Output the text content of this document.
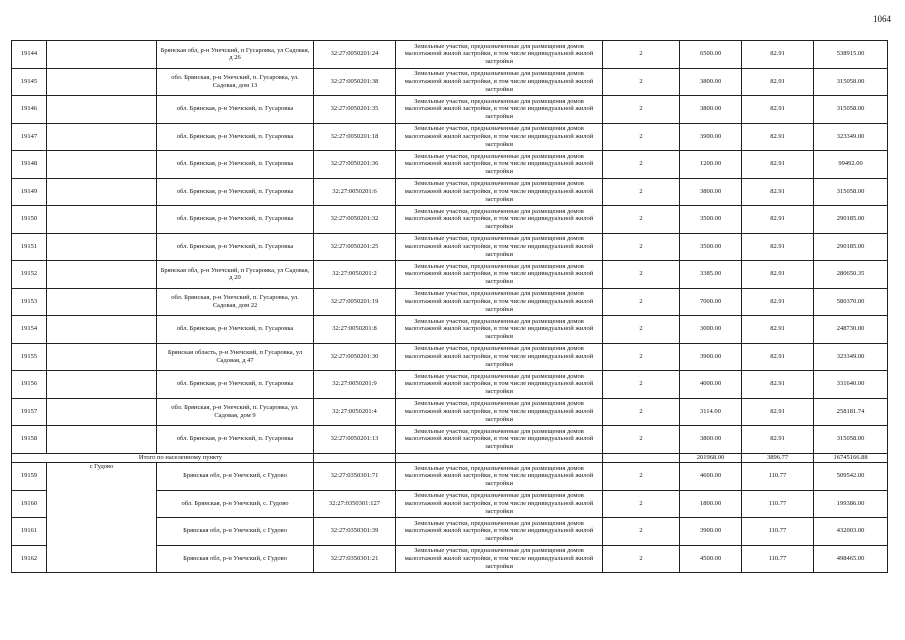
1064
19144		Брянская обл, р-н Унечский, п Гусаровка, ул Садовая, д 26	32:27:0050201:24	Земельные участки, предназначенные для размещения домов малоэтажной жилой застройки, в том числе индивидуальной жилой застройки	2	6500.00	82.91	538915.00
19145		обл. Брянская, р-н Унечский, п. Гусаровка, ул. Садовая, дом 13	32:27:0050201:38	Земельные участки, предназначенные для размещения домов малоэтажной жилой застройки, в том числе индивидуальной жилой застройки	2	3800.00	82.91	315058.00
19146		обл. Брянская, р-н Унечский, п. Гусаровка	32:27:0050201:35	Земельные участки, предназначенные для размещения домов малоэтажной жилой застройки, в том числе индивидуальной жилой застройки	2	3800.00	82.91	315058.00
19147		обл. Брянская, р-н Унечский, п. Гусаровка	32:27:0050201:18	Земельные участки, предназначенные для размещения домов малоэтажной жилой застройки, в том числе индивидуальной жилой застройки	2	3900.00	82.91	323349.00
19148		обл. Брянская, р-н Унечский, п. Гусаровка	32:27:0050201:36	Земельные участки, предназначенные для размещения домов малоэтажной жилой застройки, в том числе индивидуальной жилой застройки	2	1200.00	82.91	99492.00
19149		обл. Брянская, р-н Унечский, п. Гусаровка	32:27:0050201:6	Земельные участки, предназначенные для размещения домов малоэтажной жилой застройки, в том числе индивидуальной жилой застройки	2	3800.00	82.91	315058.00
19150		обл. Брянская, р-н Унечский, п. Гусаровка	32:27:0050201:32	Земельные участки, предназначенные для размещения домов малоэтажной жилой застройки, в том числе индивидуальной жилой застройки	2	3500.00	82.91	290185.00
19151		обл. Брянская, р-н Унечский, п. Гусаровка	32:27:0050201:25	Земельные участки, предназначенные для размещения домов малоэтажной жилой застройки, в том числе индивидуальной жилой застройки	2	3500.00	82.91	290185.00
19152		Брянская обл, р-н Унечский, п Гусаровка, ул Садовая, д 20	32:27:0050201:2	Земельные участки, предназначенные для размещения домов малоэтажной жилой застройки, в том числе индивидуальной жилой застройки	2	3385.00	82.91	280650.35
19153		обл. Брянская, р-н Унечский, п. Гусаровка, ул. Садовая, дом 22	32:27:0050201:19	Земельные участки, предназначенные для размещения домов малоэтажной жилой застройки, в том числе индивидуальной жилой застройки	2	7000.00	82.91	580370.00
19154		обл. Брянская, р-н Унечский, п. Гусаровка	32:27:0050201:8	Земельные участки, предназначенные для размещения домов малоэтажной жилой застройки, в том числе индивидуальной жилой застройки	2	3000.00	82.91	248730.00
19155		Брянская область, р-н Унечский, п Гусаровка, ул Садовая, д 47	32:27:0050201:30	Земельные участки, предназначенные для размещения домов малоэтажной жилой застройки, в том числе индивидуальной жилой застройки	2	3900.00	82.91	323349.00
19156		обл. Брянская, р-н Унечский, п. Гусаровка	32:27:0050201:9	Земельные участки, предназначенные для размещения домов малоэтажной жилой застройки, в том числе индивидуальной жилой застройки	2	4000.00	82.91	331640.00
19157		обл. Брянская, р-н Унечский, п. Гусаровка, ул. Садовая, дом 9	32:27:0050201:4	Земельные участки, предназначенные для размещения домов малоэтажной жилой застройки, в том числе индивидуальной жилой застройки	2	3114.00	82.91	258181.74
19158		обл. Брянская, р-н Унечский, п. Гусаровка	32:27:0050201:13	Земельные участки, предназначенные для размещения домов малоэтажной жилой застройки, в том числе индивидуальной жилой застройки	2	3800.00	82.91	315058.00
Итого по населенному пункту						201968.00	3896.77	16745166.88
19159	с Гудово	Брянская обл, р-н Унечский, с Гудово	32:27:0350301:71	Земельные участки, предназначенные для размещения домов малоэтажной жилой застройки, в том числе индивидуальной жилой застройки	2	4600.00	110.77	509542.00
19160		обл. Брянская, р-н Унечский, с. Гудово	32:27:0350301:127	Земельные участки, предназначенные для размещения домов малоэтажной жилой застройки, в том числе индивидуальной жилой застройки	2	1800.00	110.77	199386.00
19161		Брянская обл, р-н Унечский, с Гудово	32:27:0350301:39	Земельные участки, предназначенные для размещения домов малоэтажной жилой застройки, в том числе индивидуальной жилой застройки	2	3900.00	110.77	432003.00
19162		Брянская обл, р-н Унечский, с Гудово	32:27:0350301:21	Земельные участки, предназначенные для размещения домов малоэтажной жилой застройки, в том числе индивидуальной жилой застройки	2	4500.00	110.77	498465.00
